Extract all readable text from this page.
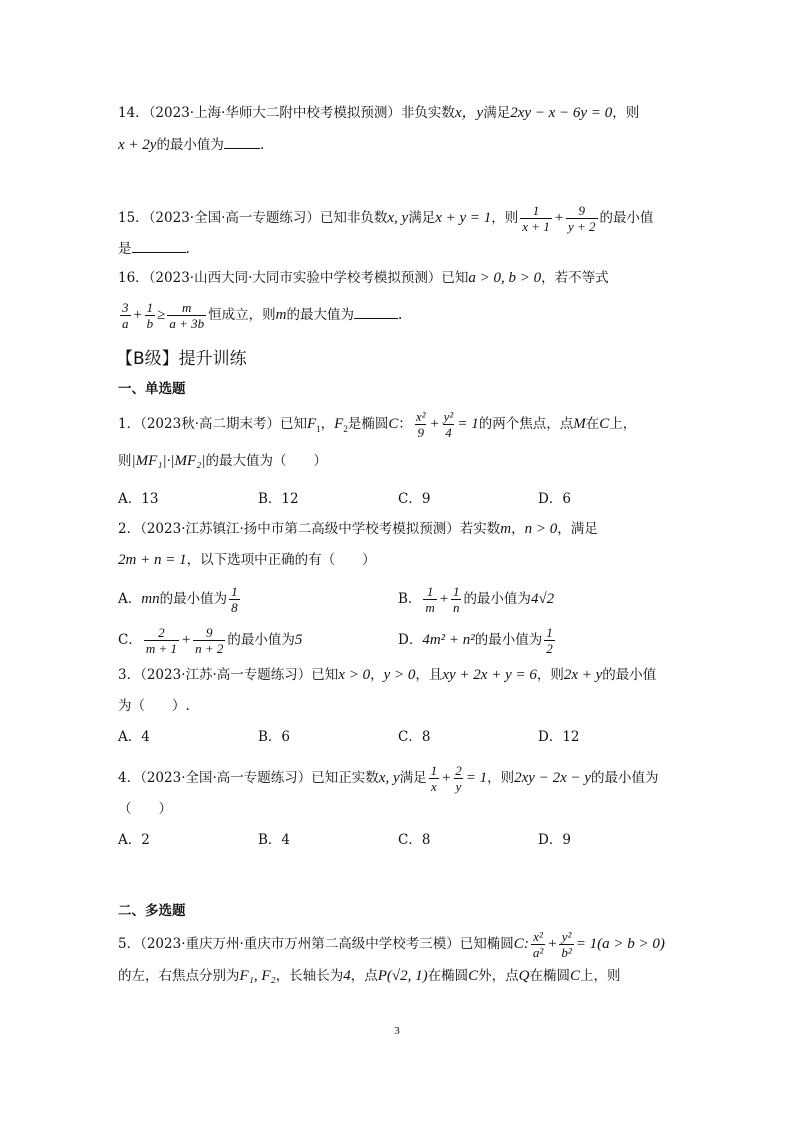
14．（2023·上海·华师大二附中校考模拟预测）非负实数x，y满足2xy − x − 6y = 0，则
x + 2y的最小值为	.
15．（2023·全国·高一专题练习）已知非负数x, y满足x + y = 1，则 $\frac{1}{x + 1} + \frac{9}{y + 2}$ 的最小值
是	.
16．（2023·山西大同·大同市实验中学校考模拟预测）已知a > 0, b > 0，若不等式
$\frac{3}{a} + \frac{1}{b} \ge \frac{m}{a + 3b}$ 恒成立，则m的最大值为	.
【B级】提升训练
一、单选题
1．（2023秋·高二期末考）已知$F_1$，$F_2$是椭圆C： $\frac{\text{x²}}{9} + \frac{\text{y²}}{4} = 1$的两个焦点，点M在C上，
则|MF₁|·|MF₂|的最大值为（　　）
A．13	B．12	C．9	D．6
2．（2023·江苏镇江·扬中市第二高级中学校考模拟预测）若实数m，n > 0，满足
2m + n = 1，以下选项中正确的有（　　）
A．mn的最小值为 $\frac{1}{8}$	B． $\frac{1}{m} + \frac{1}{n}$ 的最小值为4√2
C． $\frac{2}{m + 1} + \frac{9}{n + 2}$ 的最小值为5	D．4m² + n²的最小值为 $\frac{1}{2}$
3．（2023·江苏·高一专题练习）已知x > 0，y > 0，且xy + 2x + y = 6，则2x + y的最小值
为（　　）.
A．4	B．6	C．8	D．12
4．（2023·全国·高一专题练习）已知正实数x, y满足 $\frac{1}{x} + \frac{2}{y} = 1$，则2xy − 2x − y的最小值为
（　　）
A．2	B．4	C．8	D．9
二、多选题
5．（2023·重庆万州·重庆市万州第二高级中学校考三模）已知椭圆C: $\frac{\text{x²}}{\text{a²}} + \frac{\text{y²}}{\text{b²}} = 1(a > b > 0)$
的左，右焦点分别为F₁, F₂，长轴长为4，点P(√2, 1)在椭圆C外，点Q在椭圆C上，则
3
